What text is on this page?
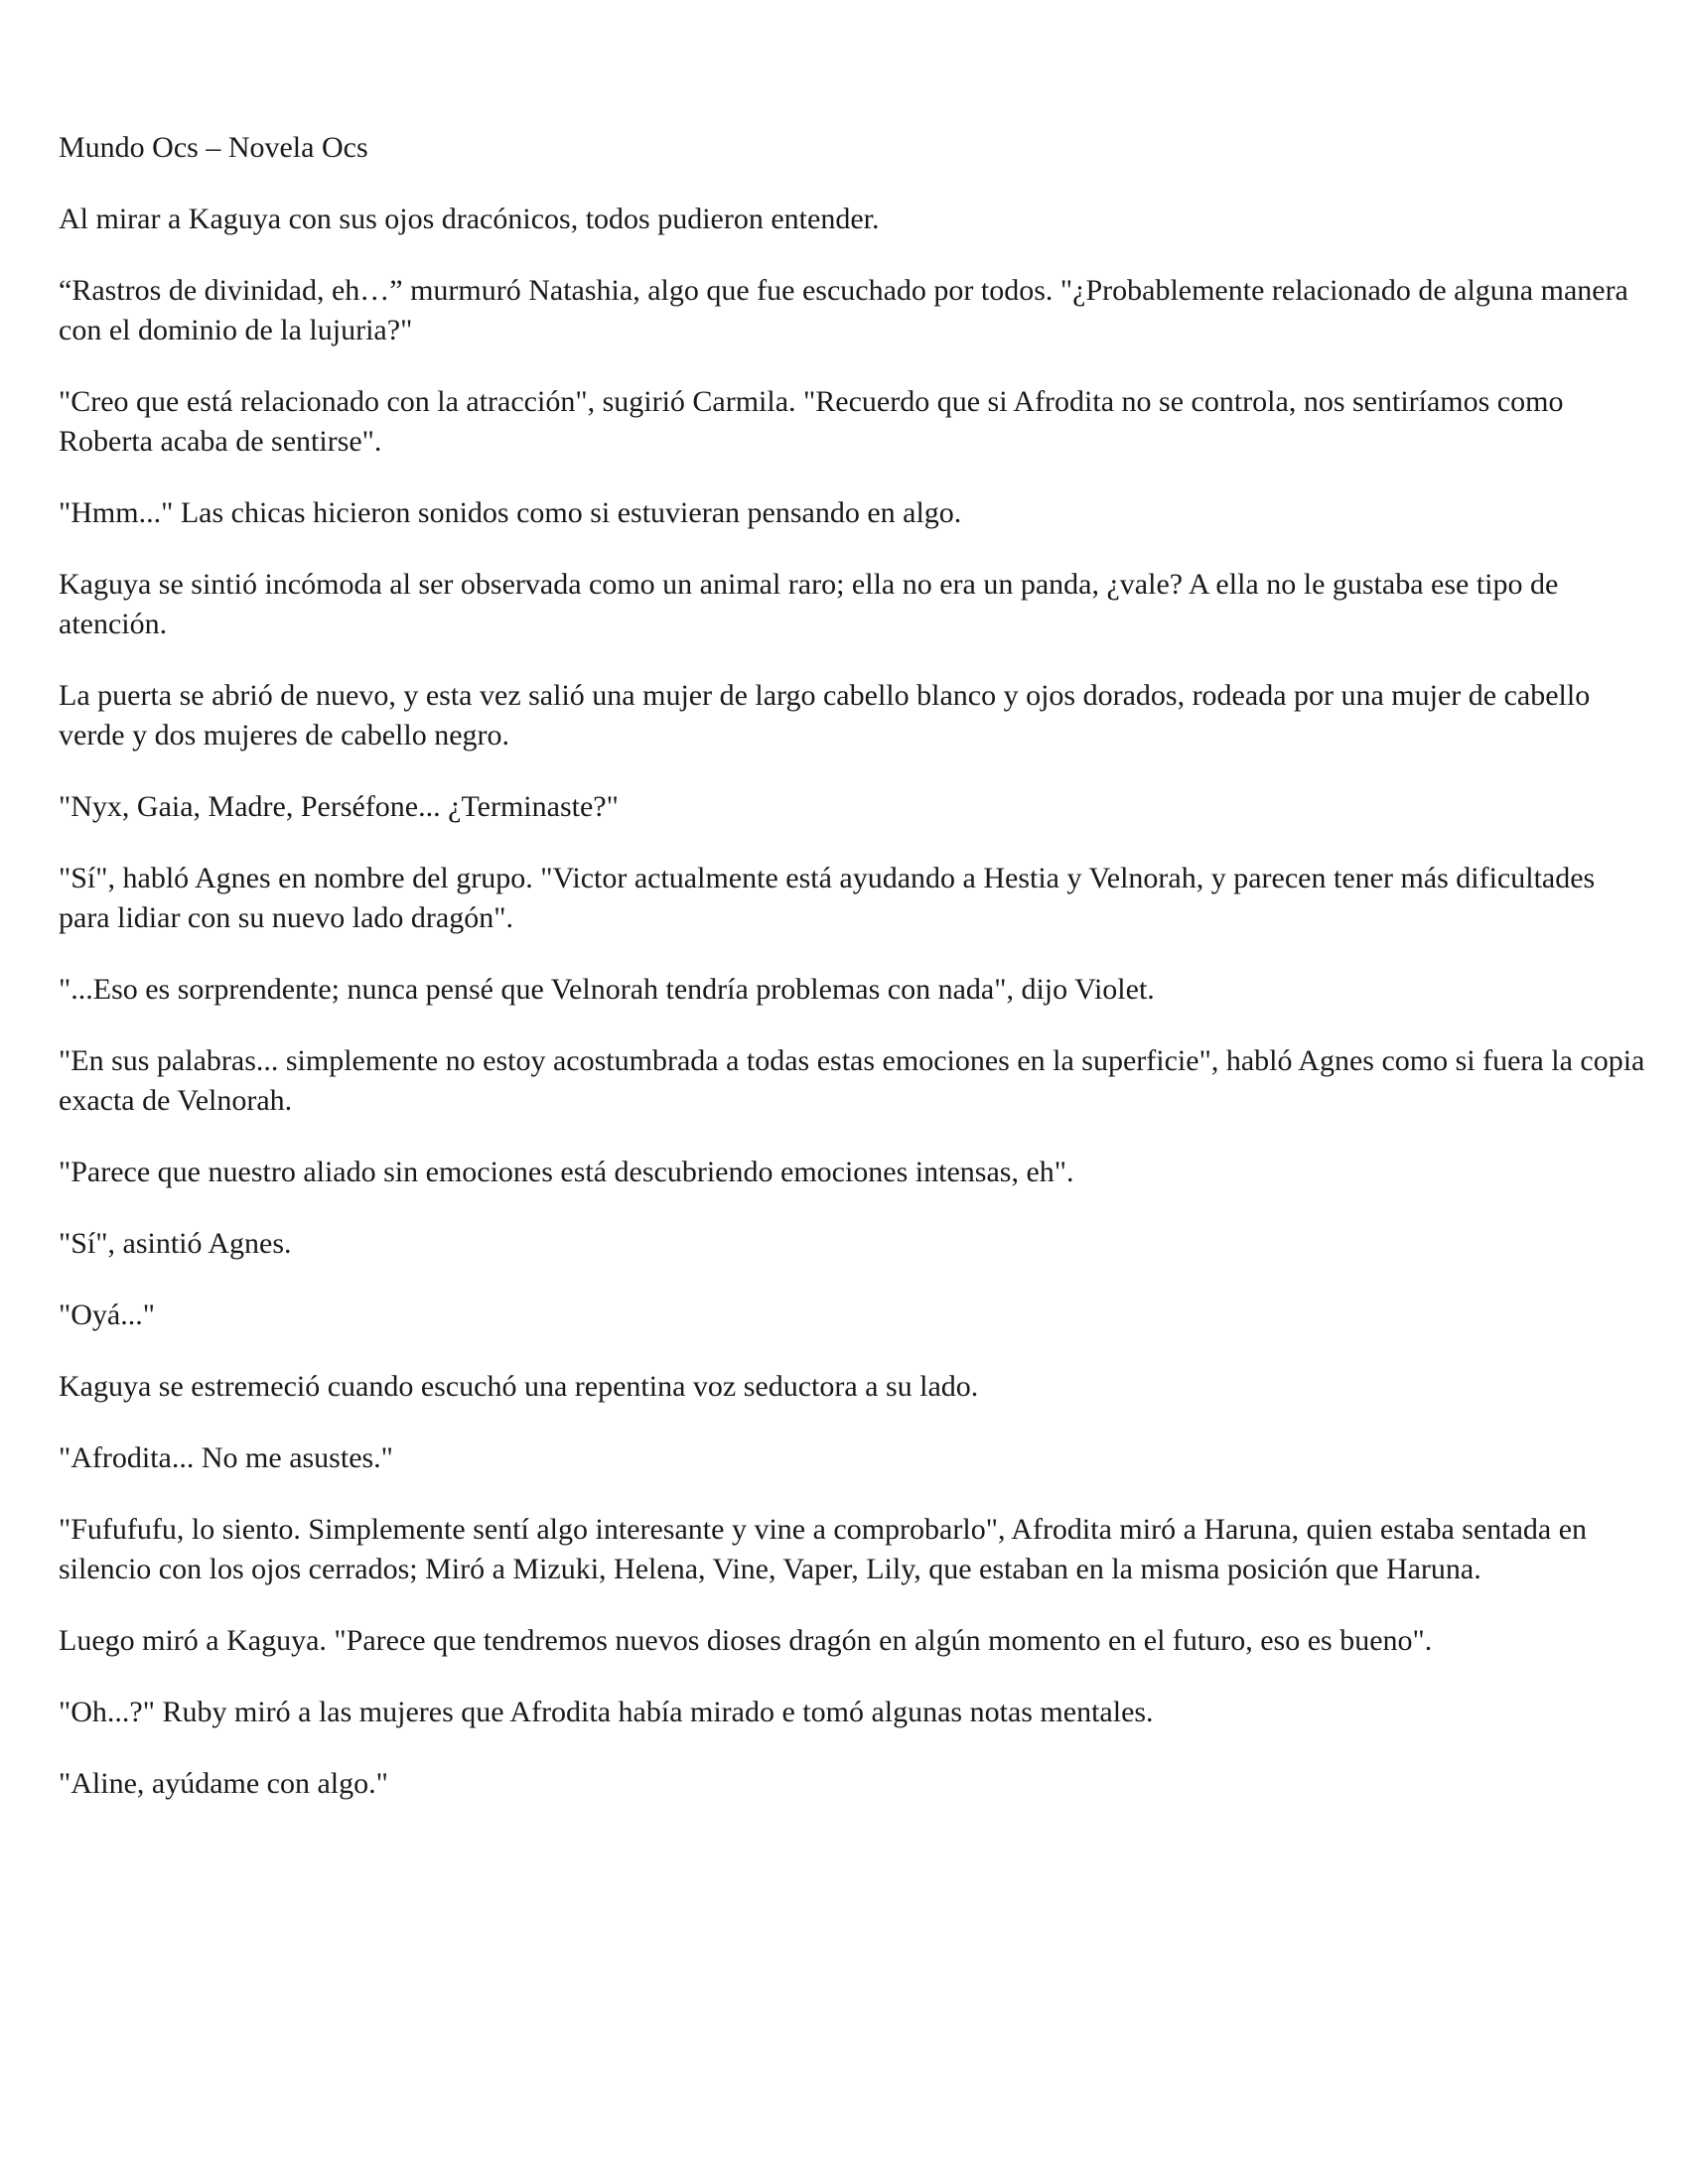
Mundo Ocs – Novela Ocs

Al mirar a Kaguya con sus ojos dracónicos, todos pudieron entender.

“Rastros de divinidad, eh…” murmuró Natashia, algo que fue escuchado por todos. "¿Probablemente relacionado de alguna manera con el dominio de la lujuria?"

"Creo que está relacionado con la atracción", sugirió Carmila. "Recuerdo que si Afrodita no se controla, nos sentiríamos como Roberta acaba de sentirse".

"Hmm..." Las chicas hicieron sonidos como si estuvieran pensando en algo.

Kaguya se sintió incómoda al ser observada como un animal raro; ella no era un panda, ¿vale? A ella no le gustaba ese tipo de atención.

La puerta se abrió de nuevo, y esta vez salió una mujer de largo cabello blanco y ojos dorados, rodeada por una mujer de cabello verde y dos mujeres de cabello negro.

"Nyx, Gaia, Madre, Perséfone... ¿Terminaste?"

"Sí", habló Agnes en nombre del grupo. "Victor actualmente está ayudando a Hestia y Velnorah, y parecen tener más dificultades para lidiar con su nuevo lado dragón".

"...Eso es sorprendente; nunca pensé que Velnorah tendría problemas con nada", dijo Violet.

"En sus palabras... simplemente no estoy acostumbrada a todas estas emociones en la superficie", habló Agnes como si fuera la copia exacta de Velnorah.

"Parece que nuestro aliado sin emociones está descubriendo emociones intensas, eh".

"Sí", asintió Agnes.

"Oyá..."

Kaguya se estremeció cuando escuchó una repentina voz seductora a su lado.

"Afrodita... No me asustes."

"Fufufufu, lo siento. Simplemente sentí algo interesante y vine a comprobarlo", Afrodita miró a Haruna, quien estaba sentada en silencio con los ojos cerrados; Miró a Mizuki, Helena, Vine, Vaper, Lily, que estaban en la misma posición que Haruna.

Luego miró a Kaguya. "Parece que tendremos nuevos dioses dragón en algún momento en el futuro, eso es bueno".

"Oh...?" Ruby miró a las mujeres que Afrodita había mirado e tomó algunas notas mentales.

"Aline, ayúdame con algo."
